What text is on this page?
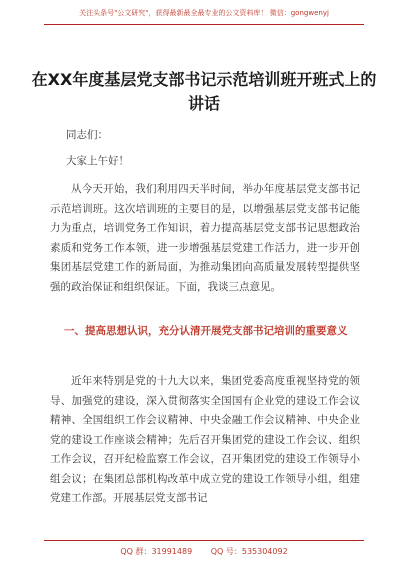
关注头条号"公文研究"，获得最新最全最专业的公文资料库！ 微信：gongwenyj
在XX年度基层党支部书记示范培训班开班式上的讲话
同志们：
大家上午好！
从今天开始，我们利用四天半时间，举办年度基层党支部书记示范培训班。这次培训班的主要目的是，以增强基层党支部书记能力为重点，培训党务工作知识，着力提高基层党支部书记思想政治素质和党务工作本领，进一步增强基层党建工作活力，进一步开创集团基层党建工作的新局面，为推动集团向高质量发展转型提供坚强的政治保证和组织保证。下面，我谈三点意见。
一、提高思想认识，充分认清开展党支部书记培训的重要意义
近年来特别是党的十九大以来，集团党委高度重视坚持党的领导、加强党的建设，深入贯彻落实全国国有企业党的建设工作会议精神、全国组织工作会议精神、中央金融工作会议精神、中央企业党的建设工作座谈会精神；先后召开集团党的建设工作会议、组织工作会议，召开纪检监察工作会议，召开集团党的建设工作领导小组会议；在集团总部机构改革中成立党的建设工作领导小组，组建党建工作部。开展基层党支部书记
QQ 群：31991489 QQ 号：535304092
